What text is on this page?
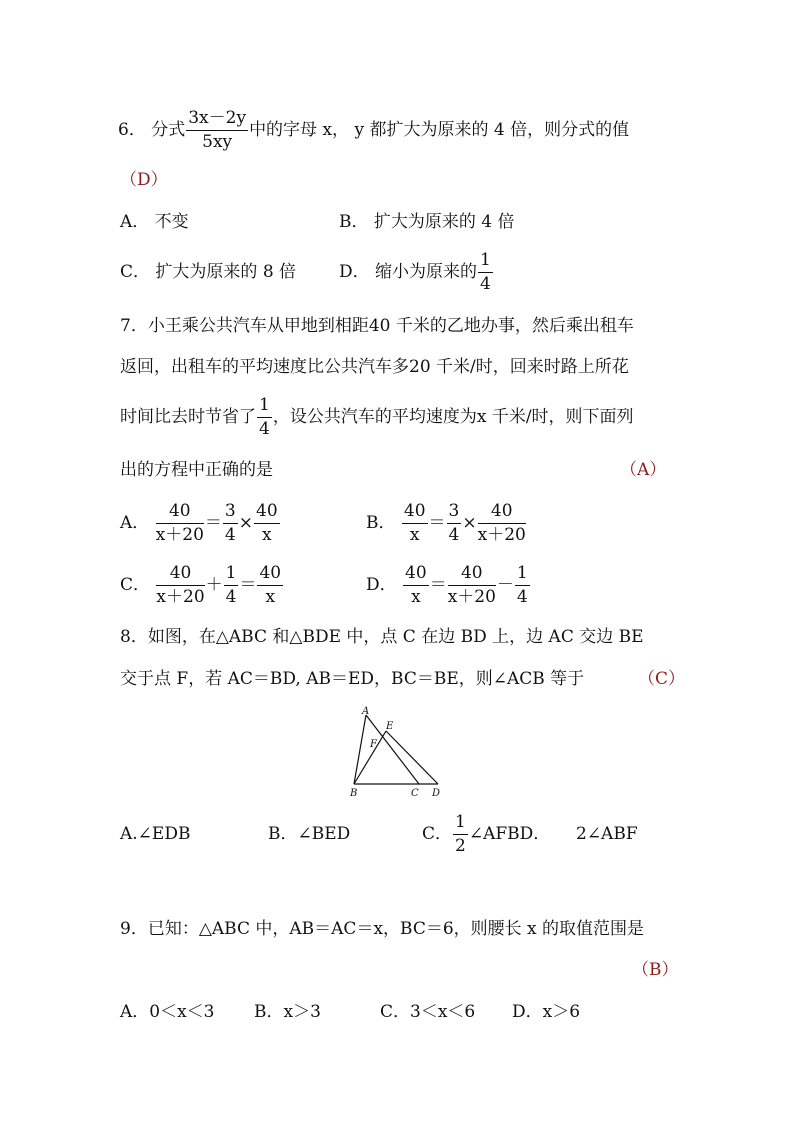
6． 分式 $\frac{3x-2y}{5xy}$ 中的字母 x， y 都扩大为原来的 4 倍，则分式的值
（D）
A． 不变	B． 扩大为原来的 4 倍
C． 扩大为原来的 8 倍	D． 缩小为原来的 $\frac{1}{4}$
7．小王乘公共汽车从甲地到相距40 千米的乙地办事，然后乘出租车
返回，出租车的平均速度比公共汽车多20 千米/时，回来时路上所花
时间比去时节省了 $\frac{1}{4}$ ，设公共汽车的平均速度为x 千米/时，则下面列
出的方程中正确的是	（A）
A． $\frac{40}{x+20} = \frac{3}{4} \times \frac{40}{x}$	B． $\frac{40}{x} = \frac{3}{4} \times \frac{40}{x+20}$
C． $\frac{40}{x+20} + \frac{1}{4} = \frac{40}{x}$	D． $\frac{40}{x} = \frac{40}{x+20} - \frac{1}{4}$
8．如图，在△ABC 和△BDE 中，点 C 在边 BD 上，边 AC 交边 BE
交于点 F，若 AC＝BD, AB＝ED，BC＝BE，则∠ACB 等于	（C）
A
E
F
B	C D
A.∠EDB	B．∠BED	C． $\frac{1}{2}$ ∠AFBD． 2∠ABF
9．已知：△ABC 中，AB＝AC＝x，BC＝6，则腰长 x 的取值范围是
（B）
A．0＜x＜3 B．x＞3	C．3＜x＜6 D．x＞6
